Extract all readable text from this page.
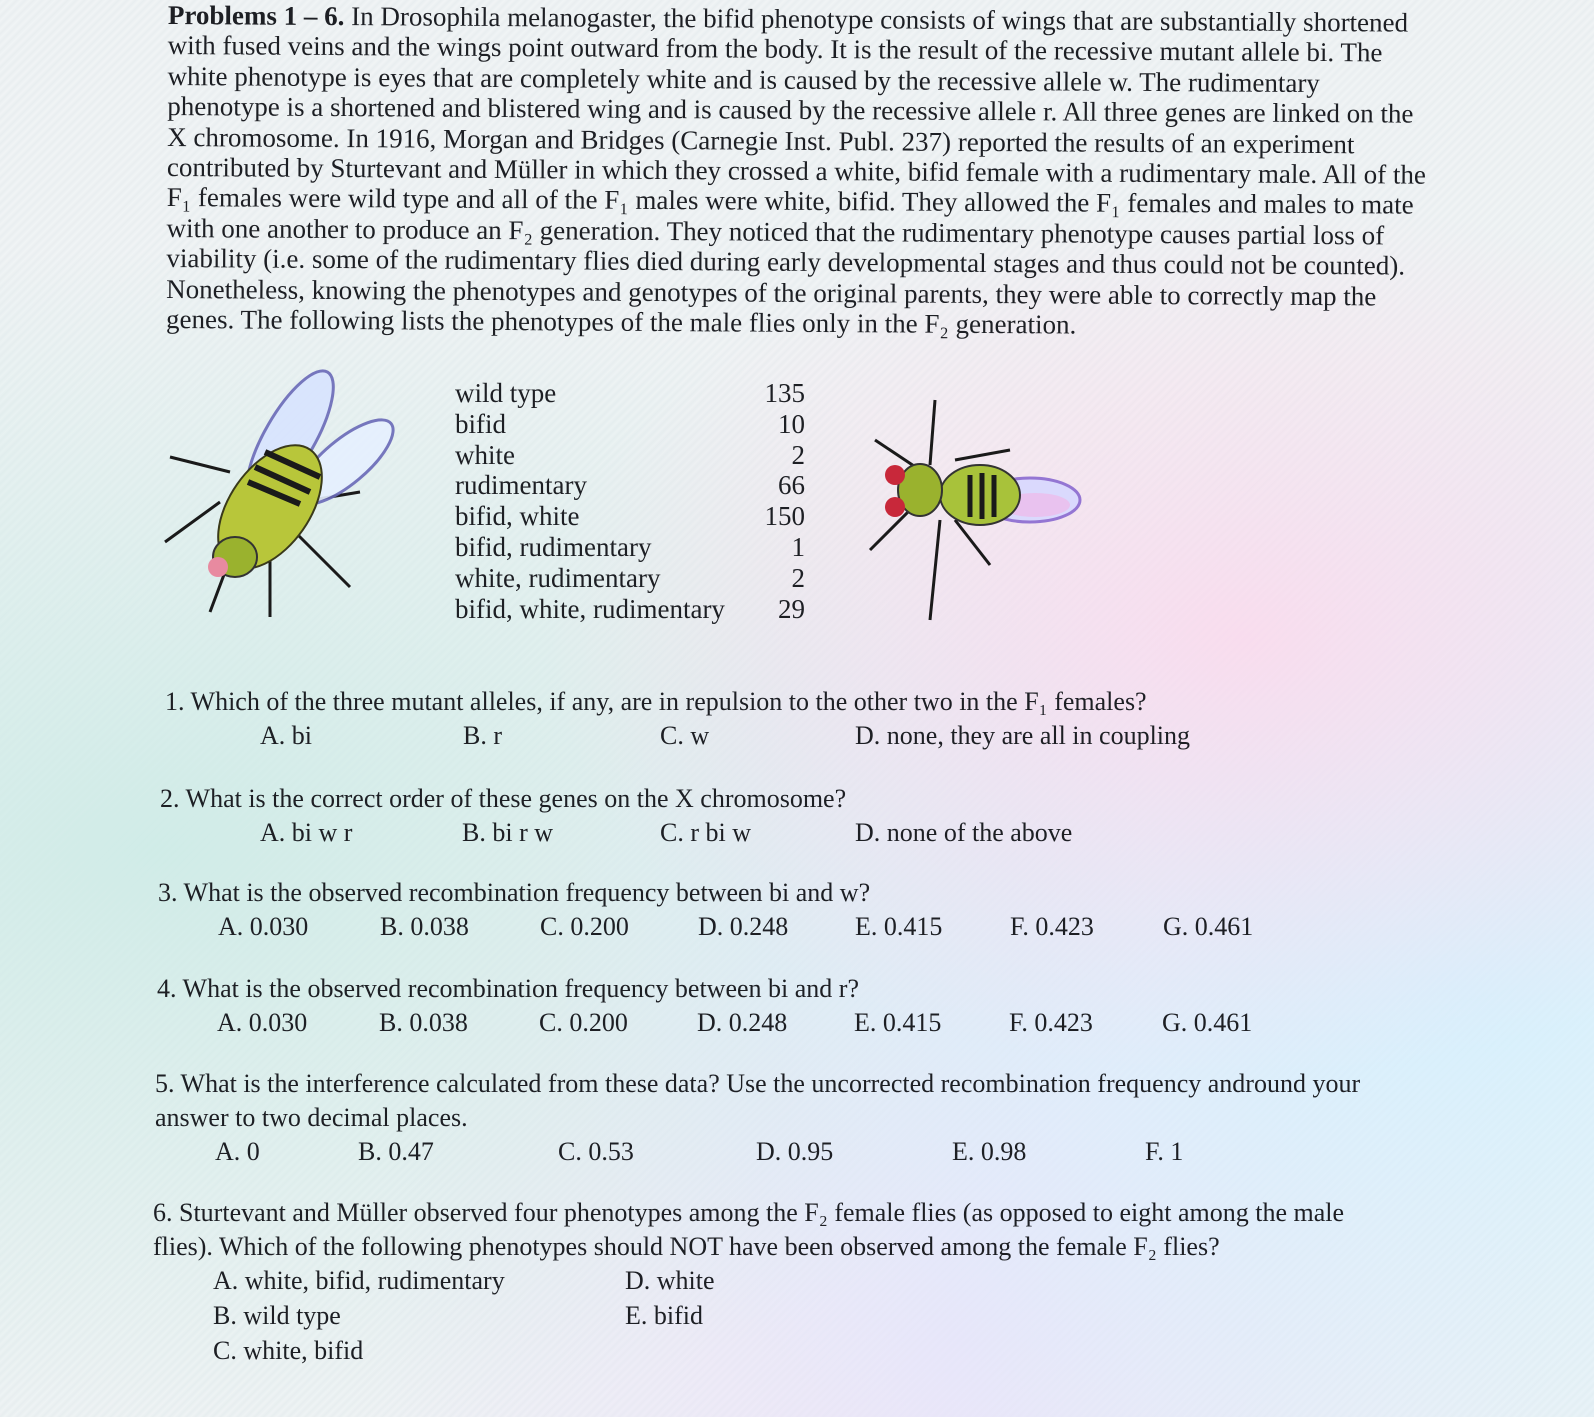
Problems 1 – 6. In Drosophila melanogaster, the bifid phenotype consists of wings that are substantially shortened with fused veins and the wings point outward from the body. It is the result of the recessive mutant allele bi. The white phenotype is eyes that are completely white and is caused by the recessive allele w. The rudimentary phenotype is a shortened and blistered wing and is caused by the recessive allele r. All three genes are linked on the X chromosome. In 1916, Morgan and Bridges (Carnegie Inst. Publ. 237) reported the results of an experiment contributed by Sturtevant and Müller in which they crossed a white, bifid female with a rudimentary male. All of the F₁ females were wild type and all of the F₁ males were white, bifid. They allowed the F₁ females and males to mate with one another to produce an F₂ generation. They noticed that the rudimentary phenotype causes partial loss of viability (i.e. some of the rudimentary flies died during early developmental stages and thus could not be counted). Nonetheless, knowing the phenotypes and genotypes of the original parents, they were able to correctly map the genes. The following lists the phenotypes of the male flies only in the F₂ generation.
wild type	135
bifid	10
white	2
rudimentary	66
bifid, white	150
bifid, rudimentary	1
white, rudimentary	2
bifid, white, rudimentary	29
1. Which of the three mutant alleles, if any, are in repulsion to the other two in the F₁ females?
A. bi	B. r	C. w	D. none, they are all in coupling
2. What is the correct order of these genes on the X chromosome?
A. bi w r	B. bi r w	C. r bi w	D. none of the above
3. What is the observed recombination frequency between bi and w?
A. 0.030	B. 0.038	C. 0.200	D. 0.248	E. 0.415	F. 0.423	G. 0.461
4. What is the observed recombination frequency between bi and r?
A. 0.030	B. 0.038	C. 0.200	D. 0.248	E. 0.415	F. 0.423	G. 0.461
5. What is the interference calculated from these data? Use the uncorrected recombination frequency andround your
answer to two decimal places.
A. 0	B. 0.47	C. 0.53	D. 0.95	E. 0.98	F. 1
6. Sturtevant and Müller observed four phenotypes among the F₂ female flies (as opposed to eight among the male
flies). Which of the following phenotypes should NOT have been observed among the female F₂ flies?
A. white, bifid, rudimentary
B. wild type
C. white, bifid
D. white
E. bifid
